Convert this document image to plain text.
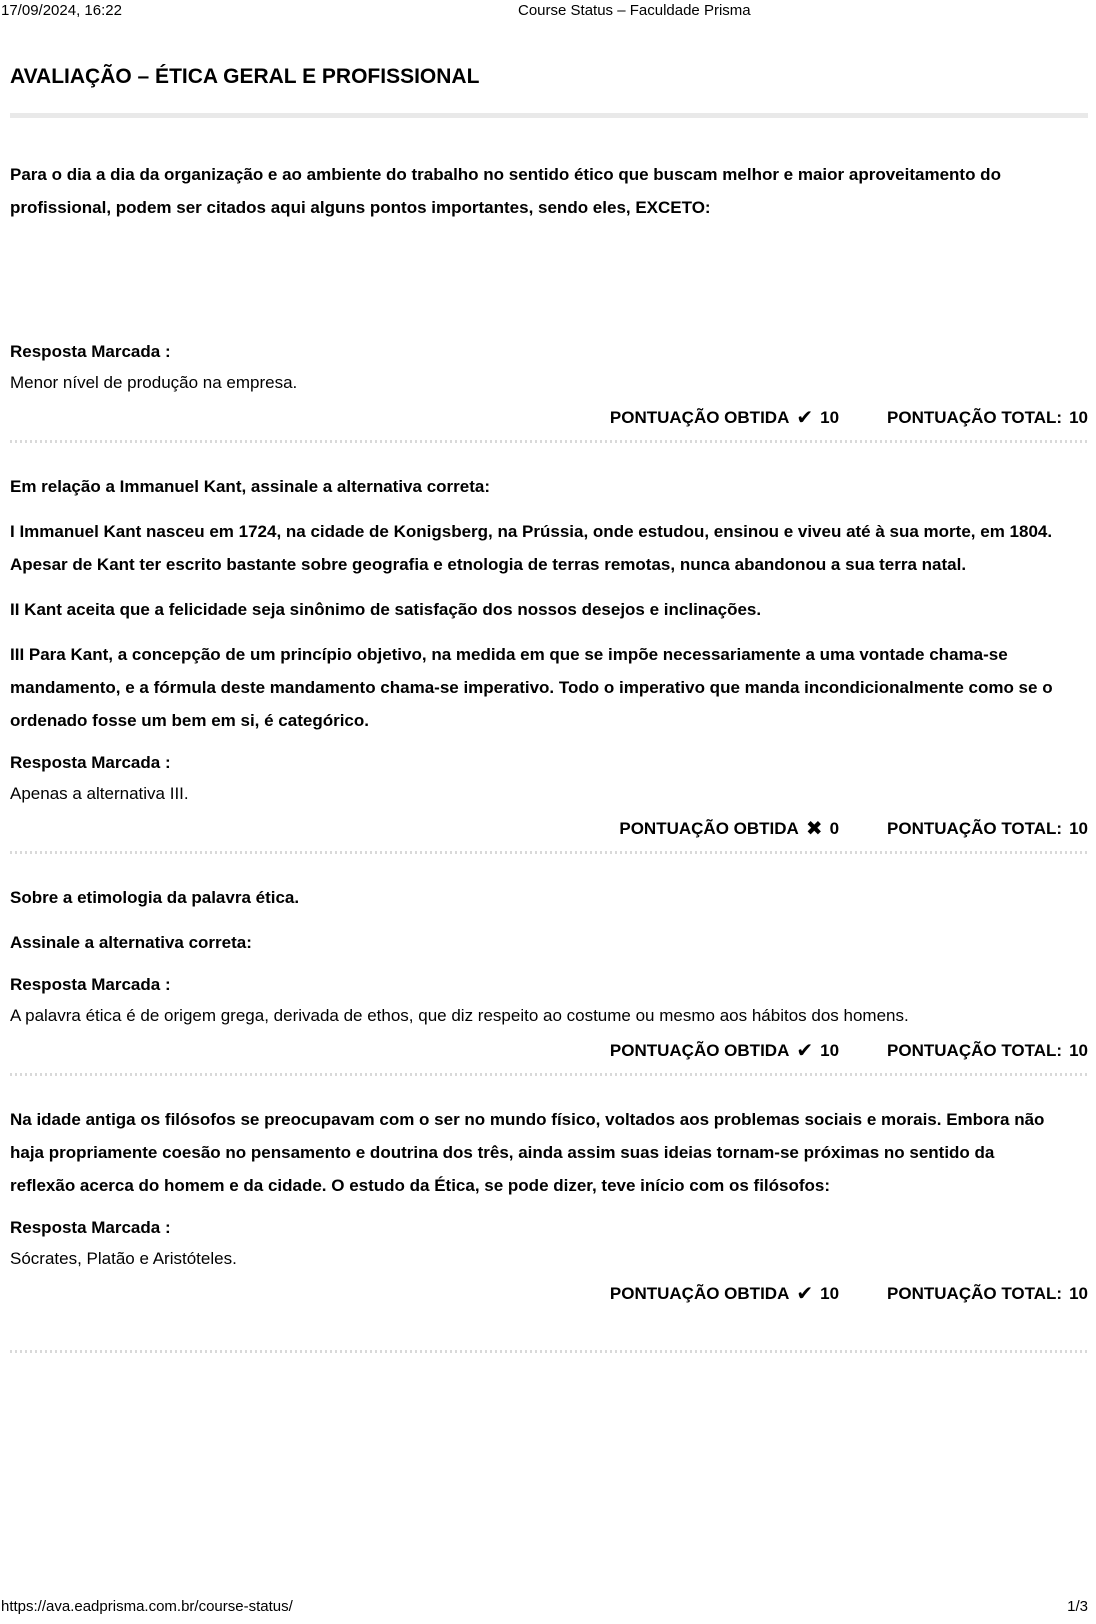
17/09/2024, 16:22	Course Status – Faculdade Prisma
AVALIAÇÃO – ÉTICA GERAL E PROFISSIONAL

Para o dia a dia da organização e ao ambiente do trabalho no sentido ético que buscam melhor e maior aproveitamento do profissional, podem ser citados aqui alguns pontos importantes, sendo eles, EXCETO:

Resposta Marcada :

Menor nível de produção na empresa.

PONTUAÇÃO OBTIDA ✔ 10	PONTUAÇÃO TOTAL: 10

Em relação a Immanuel Kant, assinale a alternativa correta:

I Immanuel Kant nasceu em 1724, na cidade de Konigsberg, na Prússia, onde estudou, ensinou e viveu até à sua morte, em 1804. Apesar de Kant ter escrito bastante sobre geografia e etnologia de terras remotas, nunca abandonou a sua terra natal.

II Kant aceita que a felicidade seja sinônimo de satisfação dos nossos desejos e inclinações.

III Para Kant, a concepção de um princípio objetivo, na medida em que se impõe necessariamente a uma vontade chama-se mandamento, e a fórmula deste mandamento chama-se imperativo. Todo o imperativo que manda incondicionalmente como se o ordenado fosse um bem em si, é categórico.

Resposta Marcada :

Apenas a alternativa III.

PONTUAÇÃO OBTIDA ✖ 0	PONTUAÇÃO TOTAL: 10

Sobre a etimologia da palavra ética.

Assinale a alternativa correta:

Resposta Marcada :

A palavra ética é de origem grega, derivada de ethos, que diz respeito ao costume ou mesmo aos hábitos dos homens.

PONTUAÇÃO OBTIDA ✔ 10	PONTUAÇÃO TOTAL: 10

Na idade antiga os filósofos se preocupavam com o ser no mundo físico, voltados aos problemas sociais e morais. Embora não haja propriamente coesão no pensamento e doutrina dos três, ainda assim suas ideias tornam-se próximas no sentido da reflexão acerca do homem e da cidade. O estudo da Ética, se pode dizer, teve início com os filósofos:

Resposta Marcada :

Sócrates, Platão e Aristóteles.

PONTUAÇÃO OBTIDA ✔ 10	PONTUAÇÃO TOTAL: 10
https://ava.eadprisma.com.br/course-status/	1/3
